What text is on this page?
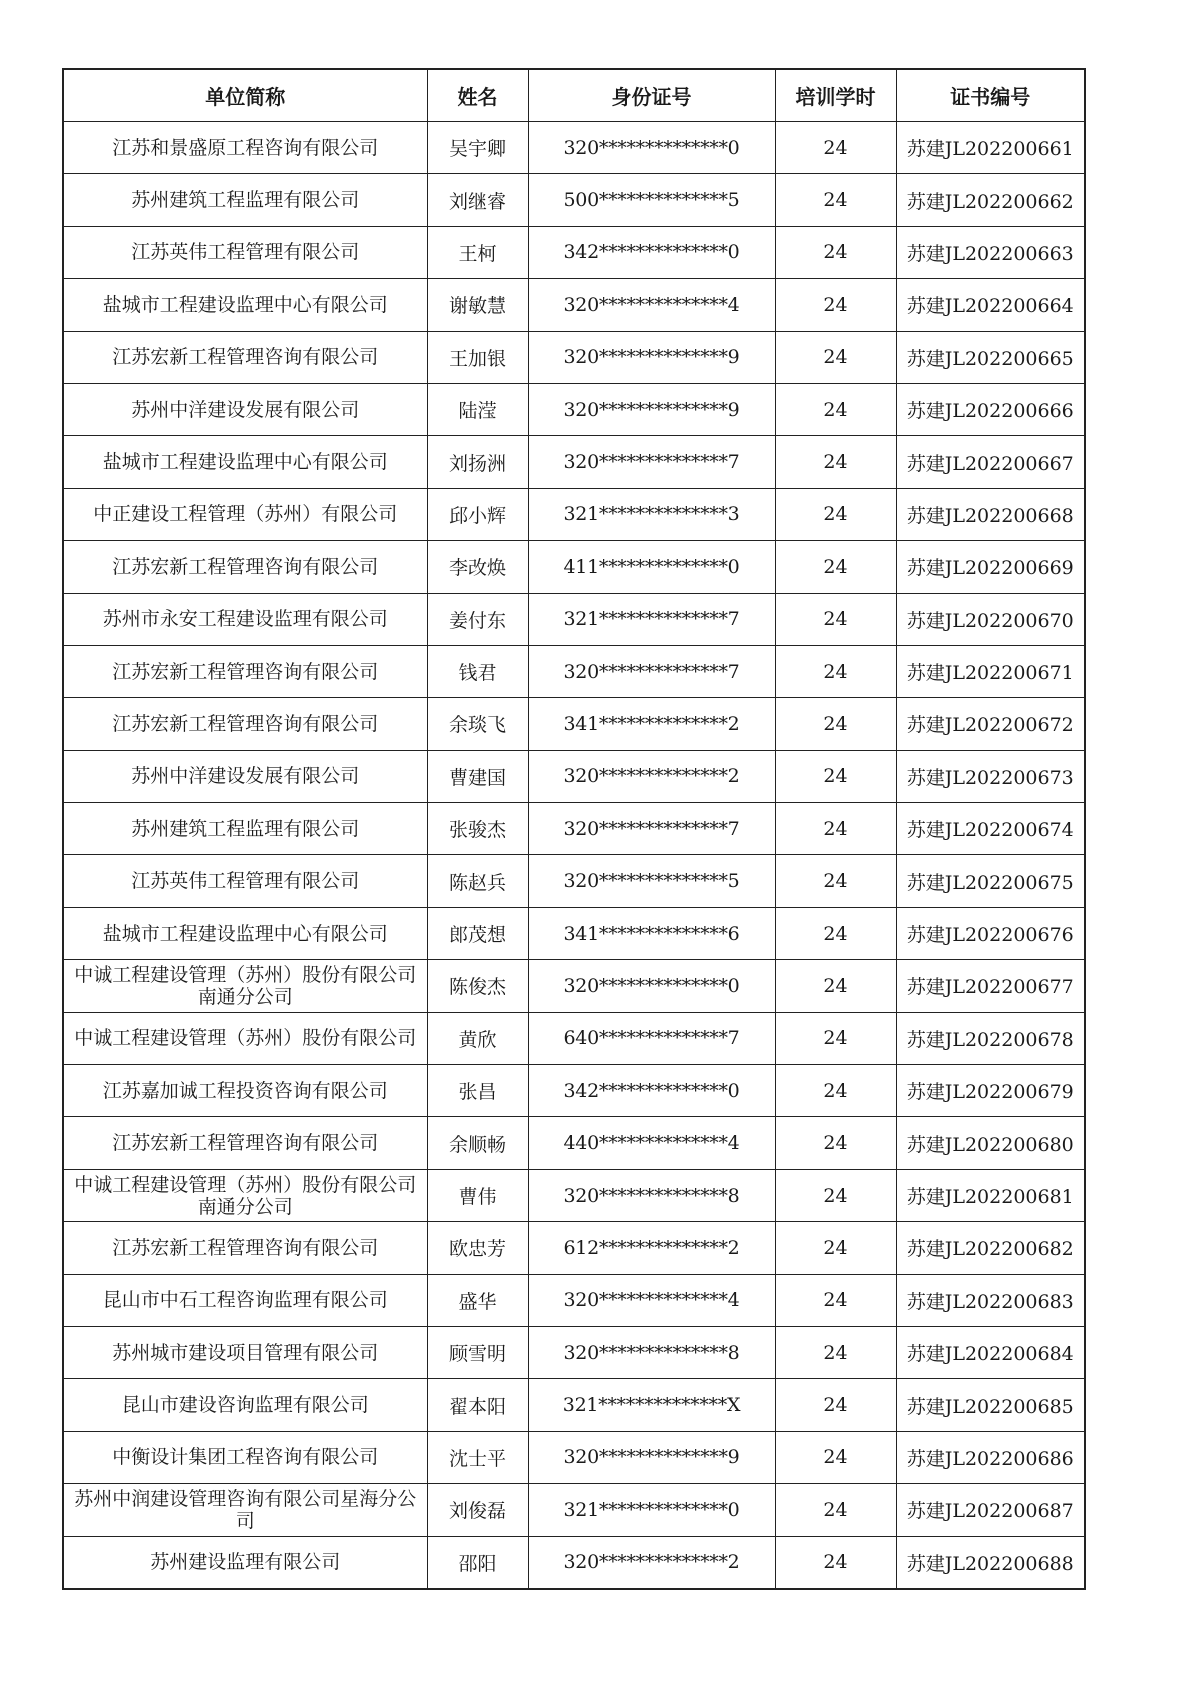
单位简称	姓名	身份证号	培训学时	证书编号
江苏和景盛原工程咨询有限公司	吴宇卿	320**************0	24	苏建JL202200661
苏州建筑工程监理有限公司	刘继睿	500**************5	24	苏建JL202200662
江苏英伟工程管理有限公司	王柯	342**************0	24	苏建JL202200663
盐城市工程建设监理中心有限公司	谢敏慧	320**************4	24	苏建JL202200664
江苏宏新工程管理咨询有限公司	王加银	320**************9	24	苏建JL202200665
苏州中洋建设发展有限公司	陆滢	320**************9	24	苏建JL202200666
盐城市工程建设监理中心有限公司	刘扬洲	320**************7	24	苏建JL202200667
中正建设工程管理（苏州）有限公司	邱小辉	321**************3	24	苏建JL202200668
江苏宏新工程管理咨询有限公司	李改焕	411**************0	24	苏建JL202200669
苏州市永安工程建设监理有限公司	姜付东	321**************7	24	苏建JL202200670
江苏宏新工程管理咨询有限公司	钱君	320**************7	24	苏建JL202200671
江苏宏新工程管理咨询有限公司	余琰飞	341**************2	24	苏建JL202200672
苏州中洋建设发展有限公司	曹建国	320**************2	24	苏建JL202200673
苏州建筑工程监理有限公司	张骏杰	320**************7	24	苏建JL202200674
江苏英伟工程管理有限公司	陈赵兵	320**************5	24	苏建JL202200675
盐城市工程建设监理中心有限公司	郎茂想	341**************6	24	苏建JL202200676
中诚工程建设管理（苏州）股份有限公司南通分公司	陈俊杰	320**************0	24	苏建JL202200677
中诚工程建设管理（苏州）股份有限公司	黄欣	640**************7	24	苏建JL202200678
江苏嘉加诚工程投资咨询有限公司	张昌	342**************0	24	苏建JL202200679
江苏宏新工程管理咨询有限公司	余顺畅	440**************4	24	苏建JL202200680
中诚工程建设管理（苏州）股份有限公司南通分公司	曹伟	320**************8	24	苏建JL202200681
江苏宏新工程管理咨询有限公司	欧忠芳	612**************2	24	苏建JL202200682
昆山市中石工程咨询监理有限公司	盛华	320**************4	24	苏建JL202200683
苏州城市建设项目管理有限公司	顾雪明	320**************8	24	苏建JL202200684
昆山市建设咨询监理有限公司	翟本阳	321**************X	24	苏建JL202200685
中衡设计集团工程咨询有限公司	沈士平	320**************9	24	苏建JL202200686
苏州中润建设管理咨询有限公司星海分公司	刘俊磊	321**************0	24	苏建JL202200687
苏州建设监理有限公司	邵阳	320**************2	24	苏建JL202200688
